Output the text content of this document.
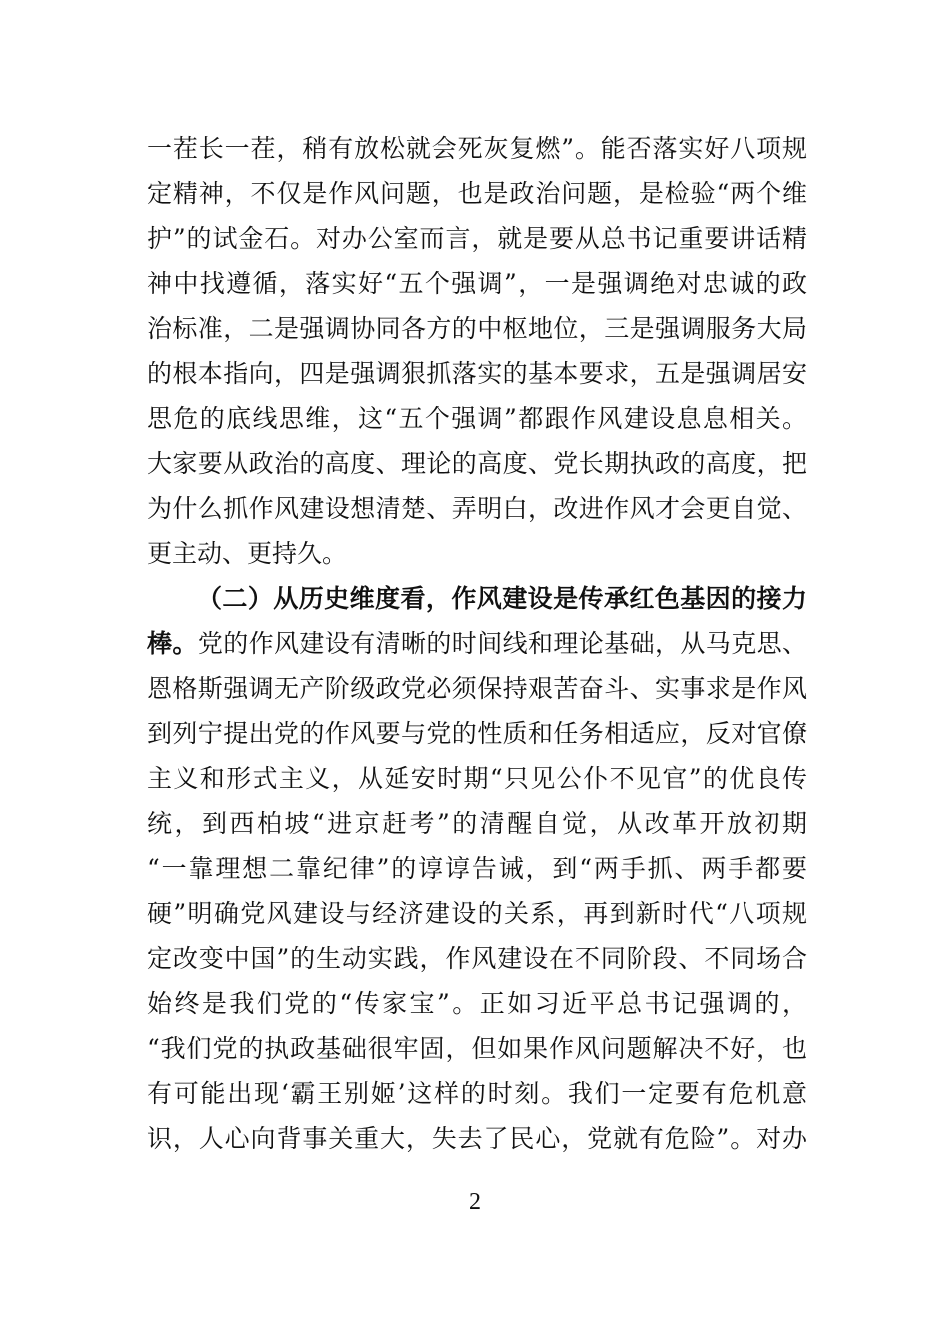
一茬长一茬，稍有放松就会死灰复燃”。能否落实好八项规
定精神，不仅是作风问题，也是政治问题，是检验“两个维
护”的试金石。对办公室而言，就是要从总书记重要讲话精
神中找遵循，落实好“五个强调”，一是强调绝对忠诚的政
治标准，二是强调协同各方的中枢地位，三是强调服务大局
的根本指向，四是强调狠抓落实的基本要求，五是强调居安
思危的底线思维，这“五个强调”都跟作风建设息息相关。
大家要从政治的高度、理论的高度、党长期执政的高度，把
为什么抓作风建设想清楚、弄明白，改进作风才会更自觉、
更主动、更持久。
（二）从历史维度看，作风建设是传承红色基因的接力
棒。党的作风建设有清晰的时间线和理论基础，从马克思、
恩格斯强调无产阶级政党必须保持艰苦奋斗、实事求是作风
到列宁提出党的作风要与党的性质和任务相适应，反对官僚
主义和形式主义，从延安时期“只见公仆不见官”的优良传
统，到西柏坡“进京赶考”的清醒自觉，从改革开放初期
“一靠理想二靠纪律”的谆谆告诫，到“两手抓、两手都要
硬”明确党风建设与经济建设的关系，再到新时代“八项规
定改变中国”的生动实践，作风建设在不同阶段、不同场合
始终是我们党的“传家宝”。正如习近平总书记强调的，
“我们党的执政基础很牢固，但如果作风问题解决不好，也
有可能出现‘霸王别姬’这样的时刻。我们一定要有危机意
识，人心向背事关重大，失去了民心，党就有危险”。对办
2
